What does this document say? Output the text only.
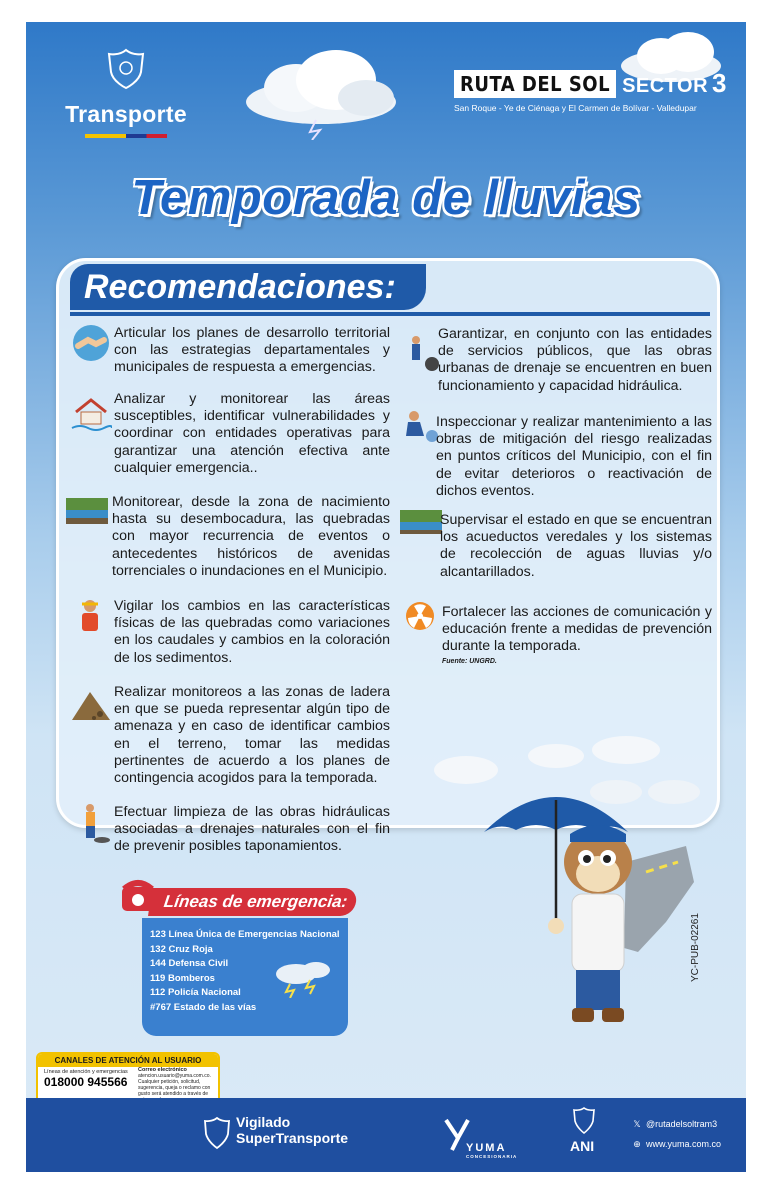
Transporte
RUTA DEL SOL SECTOR 3
San Roque - Ye de Ciénaga y El Carmen de Bolívar - Valledupar
Temporada de lluvias
Recomendaciones:
Articular los planes de desarrollo territorial con las estrategias departamentales y municipales de respuesta a emergencias.
Analizar y monitorear las áreas susceptibles, identificar vulnerabilidades y coordinar con entidades operativas para garantizar una atención efectiva ante cualquier emergencia..
Monitorear, desde la zona de nacimiento hasta su desembocadura, las quebradas con mayor recurrencia de eventos o antecedentes históricos de avenidas torrenciales o inundaciones en el Municipio.
Vigilar los cambios en las características físicas de las quebradas como variaciones en los caudales y cambios en la coloración de los sedimentos.
Realizar monitoreos a las zonas de ladera en que se pueda representar algún tipo de amenaza y en caso de identificar cambios en el terreno, tomar las medidas pertinentes de acuerdo a los planes de contingencia acogidos para la temporada.
Efectuar limpieza de las obras hidráulicas asociadas a drenajes naturales con el fin de prevenir posibles taponamientos.
Garantizar, en conjunto con las entidades de servicios públicos, que las obras urbanas de drenaje se encuentren en buen funcionamiento y capacidad hidráulica.
Inspeccionar y realizar mantenimiento a las obras de mitigación del riesgo realizadas en puntos críticos del Municipio, con el fin de evitar deterioros o reactivación de dichos eventos.
Supervisar el estado en que se encuentran los acueductos veredales y los sistemas de recolección de aguas lluvias y/o alcantarillados.
Fortalecer las acciones de comunicación y educación frente a medidas de prevención durante la temporada.
Fuente: UNGRD.
YC-PUB-02261
Líneas de emergencia:
123 Línea Única de Emergencias Nacional
132 Cruz Roja
144 Defensa Civil
119 Bomberos
112 Policía Nacional
#767 Estado de las vías
CANALES DE ATENCIÓN AL USUARIO
Líneas de atención y emergencias
018000 945566
Correo electrónico
atencion.usuario@yuma.com.co. Cualquier petición, solicitud, sugerencia, queja o reclamo con gusto será atendido a través de
Vigilado
SuperTransporte
YUMA
CONCESIONARIA
ANI
𝕏 @rutadelsoltram3
⊕ www.yuma.com.co
